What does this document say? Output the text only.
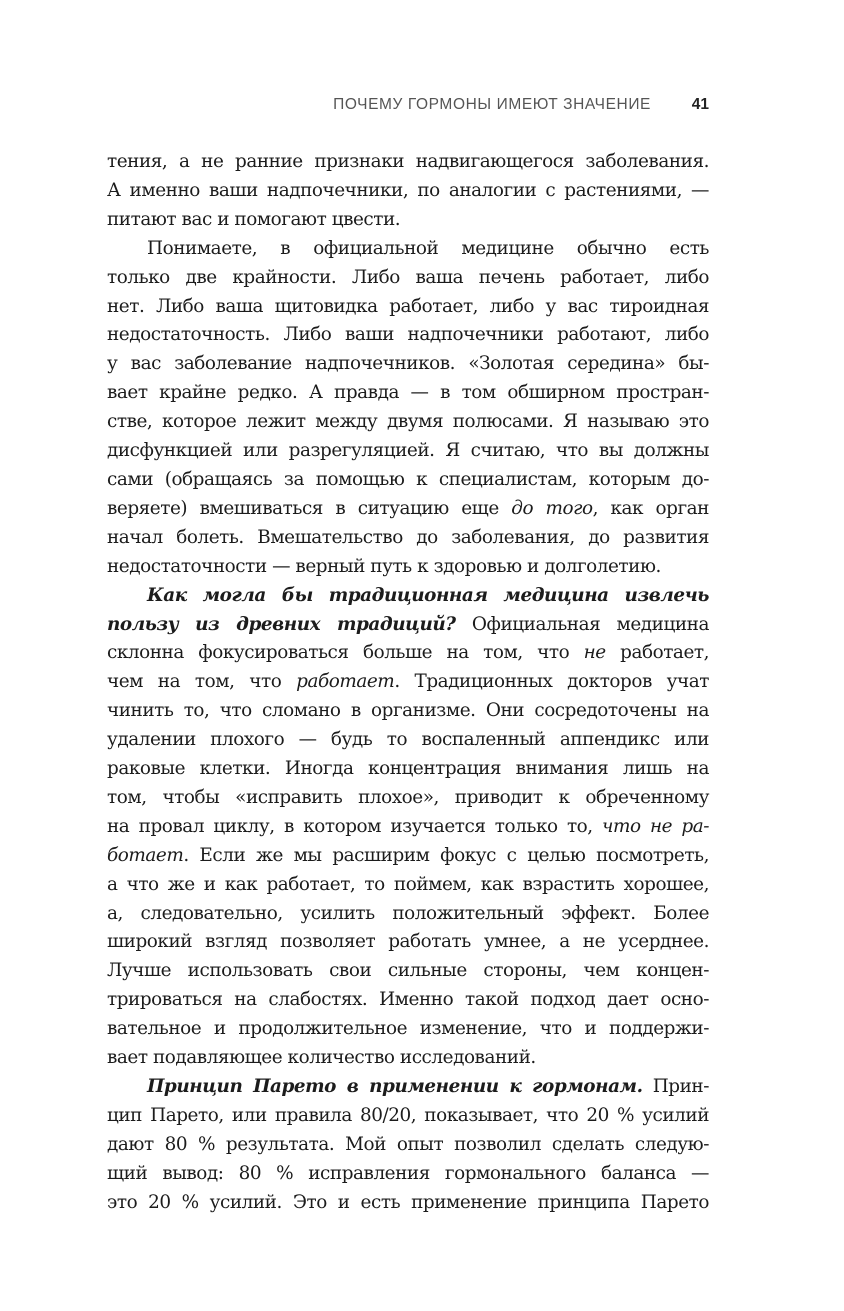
ПОЧЕМУ ГОРМОНЫ ИМЕЮТ ЗНАЧЕНИЕ	41

тения, а не ранние признаки надвигающегося заболевания.

А именно ваши надпочечники, по аналогии с растениями, —

питают вас и помогают цвести.

Понимаете, в официальной медицине обычно есть

только две крайности. Либо ваша печень работает, либо

нет. Либо ваша щитовидка работает, либо у вас тироидная

недостаточность. Либо ваши надпочечники работают, либо

у вас заболевание надпочечников. «Золотая середина» бы-

вает крайне редко. А правда — в том обширном простран-

стве, которое лежит между двумя полюсами. Я называю это

дисфункцией или разрегуляцией. Я считаю, что вы должны

сами (обращаясь за помощью к специалистам, которым до-

веряете) вмешиваться в ситуацию еще до того, как орган

начал болеть. Вмешательство до заболевания, до развития

недостаточности — верный путь к здоровью и долголетию.

Как могла бы традиционная медицина извлечь

пользу из древних традиций? Официальная медицина

склонна фокусироваться больше на том, что не работает,

чем на том, что работает. Традиционных докторов учат

чинить то, что сломано в организме. Они сосредоточены на

удалении плохого — будь то воспаленный аппендикс или

раковые клетки. Иногда концентрация внимания лишь на

том, чтобы «исправить плохое», приводит к обреченному

на провал циклу, в котором изучается только то, что не ра-

ботает. Если же мы расширим фокус с целью посмотреть,

а что же и как работает, то поймем, как взрастить хорошее,

а, следовательно, усилить положительный эффект. Более

широкий взгляд позволяет работать умнее, а не усерднее.

Лучше использовать свои сильные стороны, чем концен-

трироваться на слабостях. Именно такой подход дает осно-

вательное и продолжительное изменение, что и поддержи-

вает подавляющее количество исследований.

Принцип Парето в применении к гормонам. Прин-

цип Парето, или правила 80/20, показывает, что 20 % усилий

дают 80 % результата. Мой опыт позволил сделать следую-

щий вывод: 80 % исправления гормонального баланса —

это 20 % усилий. Это и есть применение принципа Парето
